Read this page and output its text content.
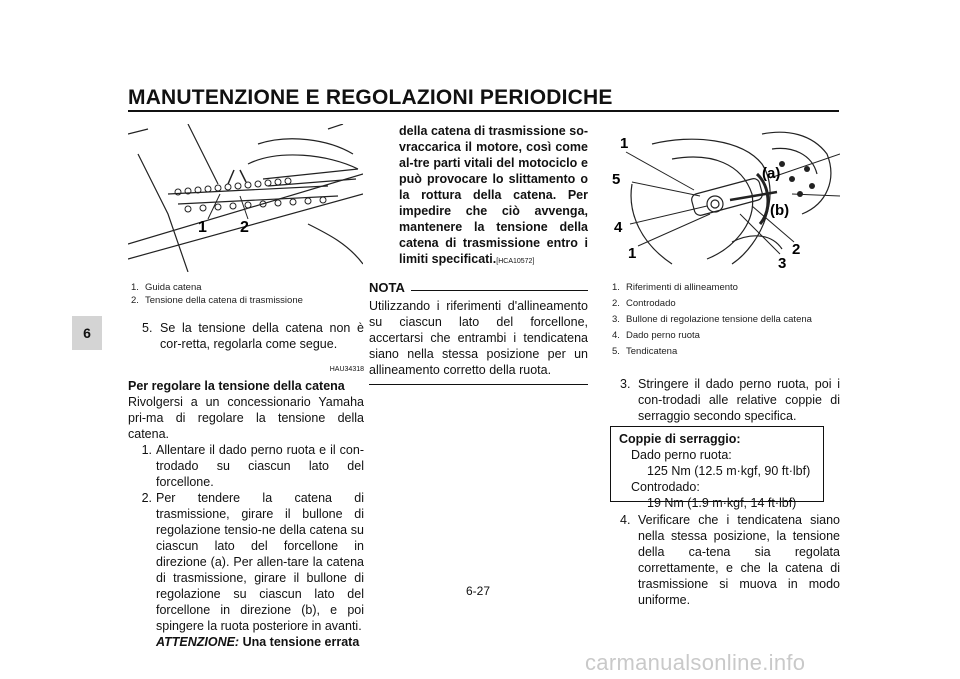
MANUTENZIONE E REGOLAZIONI PERIODICHE
6
1 2
1. Guida catena
2. Tensione della catena di trasmissione
5. Se la tensione della catena non è cor-retta, regolarla come segue.
HAU34318
Per regolare la tensione della catena
Rivolgersi a un concessionario Yamaha pri-ma di regolare la tensione della catena.
1. Allentare il dado perno ruota e il con-trodado su ciascun lato del forcellone.
2. Per tendere la catena di trasmissione, girare il bullone di regolazione tensio-ne della catena su ciascun lato del forcellone in direzione (a). Per allen-tare la catena di trasmissione, girare il bullone di regolazione su ciascun lato del forcellone in direzione (b), e poi spingere la ruota posteriore in avanti.
ATTENZIONE: Una tensione errata
della catena di trasmissione so-vraccarica il motore, così come al-tre parti vitali del motociclo e può provocare lo slittamento o la rottura della catena. Per impedire che ciò avvenga, mantenere la tensione della catena di trasmissione entro i limiti specificati.[HCA10572]
NOTA
Utilizzando i riferimenti d'allineamento su ciascun lato del forcellone, accertarsi che entrambi i tendicatena siano nella stessa posizione per un allineamento corretto della ruota.
1
5
4
1
(a)
(b)
2
3
1. Riferimenti di allineamento
2. Controdado
3. Bullone di regolazione tensione della catena
4. Dado perno ruota
5. Tendicatena
3. Stringere il dado perno ruota, poi i con-trodadi alle relative coppie di serraggio secondo specifica.
Coppie di serraggio:
Dado perno ruota:
125 Nm (12.5 m·kgf, 90 ft·lbf)
Controdado:
19 Nm (1.9 m·kgf, 14 ft·lbf)
4. Verificare che i tendicatena siano nella stessa posizione, la tensione della ca-tena sia regolata correttamente, e che la catena di trasmissione si muova in modo uniforme.
6-27
carmanualsonline.info
